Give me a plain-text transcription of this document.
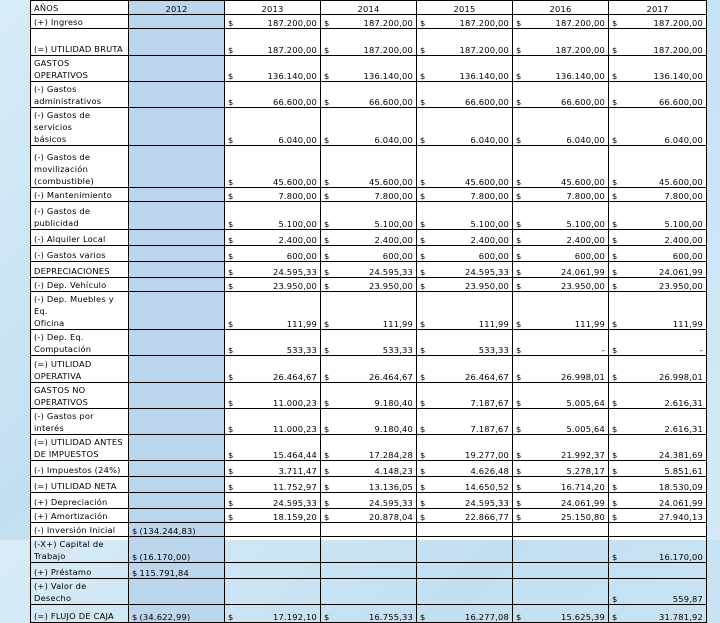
AÑOS	2012	2013	2014	2015	2016	2017
(+) Ingreso		$ 187.200,00	$ 187.200,00	$ 187.200,00	$ 187.200,00	$ 187.200,00

(=) UTILIDAD BRUTA		$ 187.200,00	$ 187.200,00	$ 187.200,00	$ 187.200,00	$ 187.200,00

GASTOS
OPERATIVOS		$ 136.140,00	$ 136.140,00	$ 136.140,00	$ 136.140,00	$ 136.140,00

(-) Gastos
administrativos		$ 66.600,00	$ 66.600,00	$ 66.600,00	$ 66.600,00	$ 66.600,00

(-) Gastos de servicios
básicos		$ 6.040,00	$ 6.040,00	$ 6.040,00	$ 6.040,00	$ 6.040,00

(-) Gastos de
movilización
(combustible)		$ 45.600,00	$ 45.600,00	$ 45.600,00	$ 45.600,00	$ 45.600,00

(-) Mantenimiento		$ 7.800,00	$ 7.800,00	$ 7.800,00	$ 7.800,00	$ 7.800,00

(-) Gastos de
publicidad		$ 5.100,00	$ 5.100,00	$ 5.100,00	$ 5.100,00	$ 5.100,00

(-) Alquiler Local		$ 2.400,00	$ 2.400,00	$ 2.400,00	$ 2.400,00	$ 2.400,00

(-) Gastos varios		$ 600,00	$ 600,00	$ 600,00	$ 600,00	$ 600,00

DEPRECIACIONES		$ 24.595,33	$ 24.595,33	$ 24.595,33	$ 24.061,99	$ 24.061,99

(-) Dep. Vehículo		$ 23.950,00	$ 23.950,00	$ 23.950,00	$ 23.950,00	$ 23.950,00

(-) Dep. Muebles y Eq.
Oficina		$ 111,99	$ 111,99	$ 111,99	$ 111,99	$ 111,99

(-) Dep. Eq.
Computación		$ 533,33	$ 533,33	$ 533,33	$ -	$ -

(=) UTILIDAD
OPERATIVA		$ 26.464,67	$ 26.464,67	$ 26.464,67	$ 26.998,01	$ 26.998,01

GASTOS NO
OPERATIVOS		$ 11.000,23	$ 9.180,40	$ 7.187,67	$ 5.005,64	$ 2.616,31

(-) Gastos por interés		$ 11.000,23	$ 9.180,40	$ 7.187,67	$ 5.005,64	$ 2.616,31

(=) UTILIDAD ANTES
DE IMPUESTOS		$ 15.464,44	$ 17.284,28	$ 19.277,00	$ 21.992,37	$ 24.381,69

(-) Impuestos (24%)		$ 3.711,47	$ 4.148,23	$ 4.626,48	$ 5.278,17	$ 5.851,61

(=) UTILIDAD NETA		$ 11.752,97	$ 13.136,05	$ 14.650,52	$ 16.714,20	$ 18.530,09

(+) Depreciación		$ 24.595,33	$ 24.595,33	$ 24.595,33	$ 24.061,99	$ 24.061,99

(+) Amortización		$ 18.159,20	$ 20.878,04	$ 22.866,77	$ 25.150,80	$ 27.940,13

(-) Inversión Inicial	$ (134.244,83)					
(-X+) Capital de
Trabajo	$ (16.170,00)					$ 16.170,00

(+) Préstamo	$ 115.791,84					
(+) Valor de Desecho						$ 559,87

(=) FLUJO DE CAJA	$ (34.622,99)	$ 17.192,10	$ 16.755,33	$ 16.277,08	$ 15.625,39	$ 31.781,92
